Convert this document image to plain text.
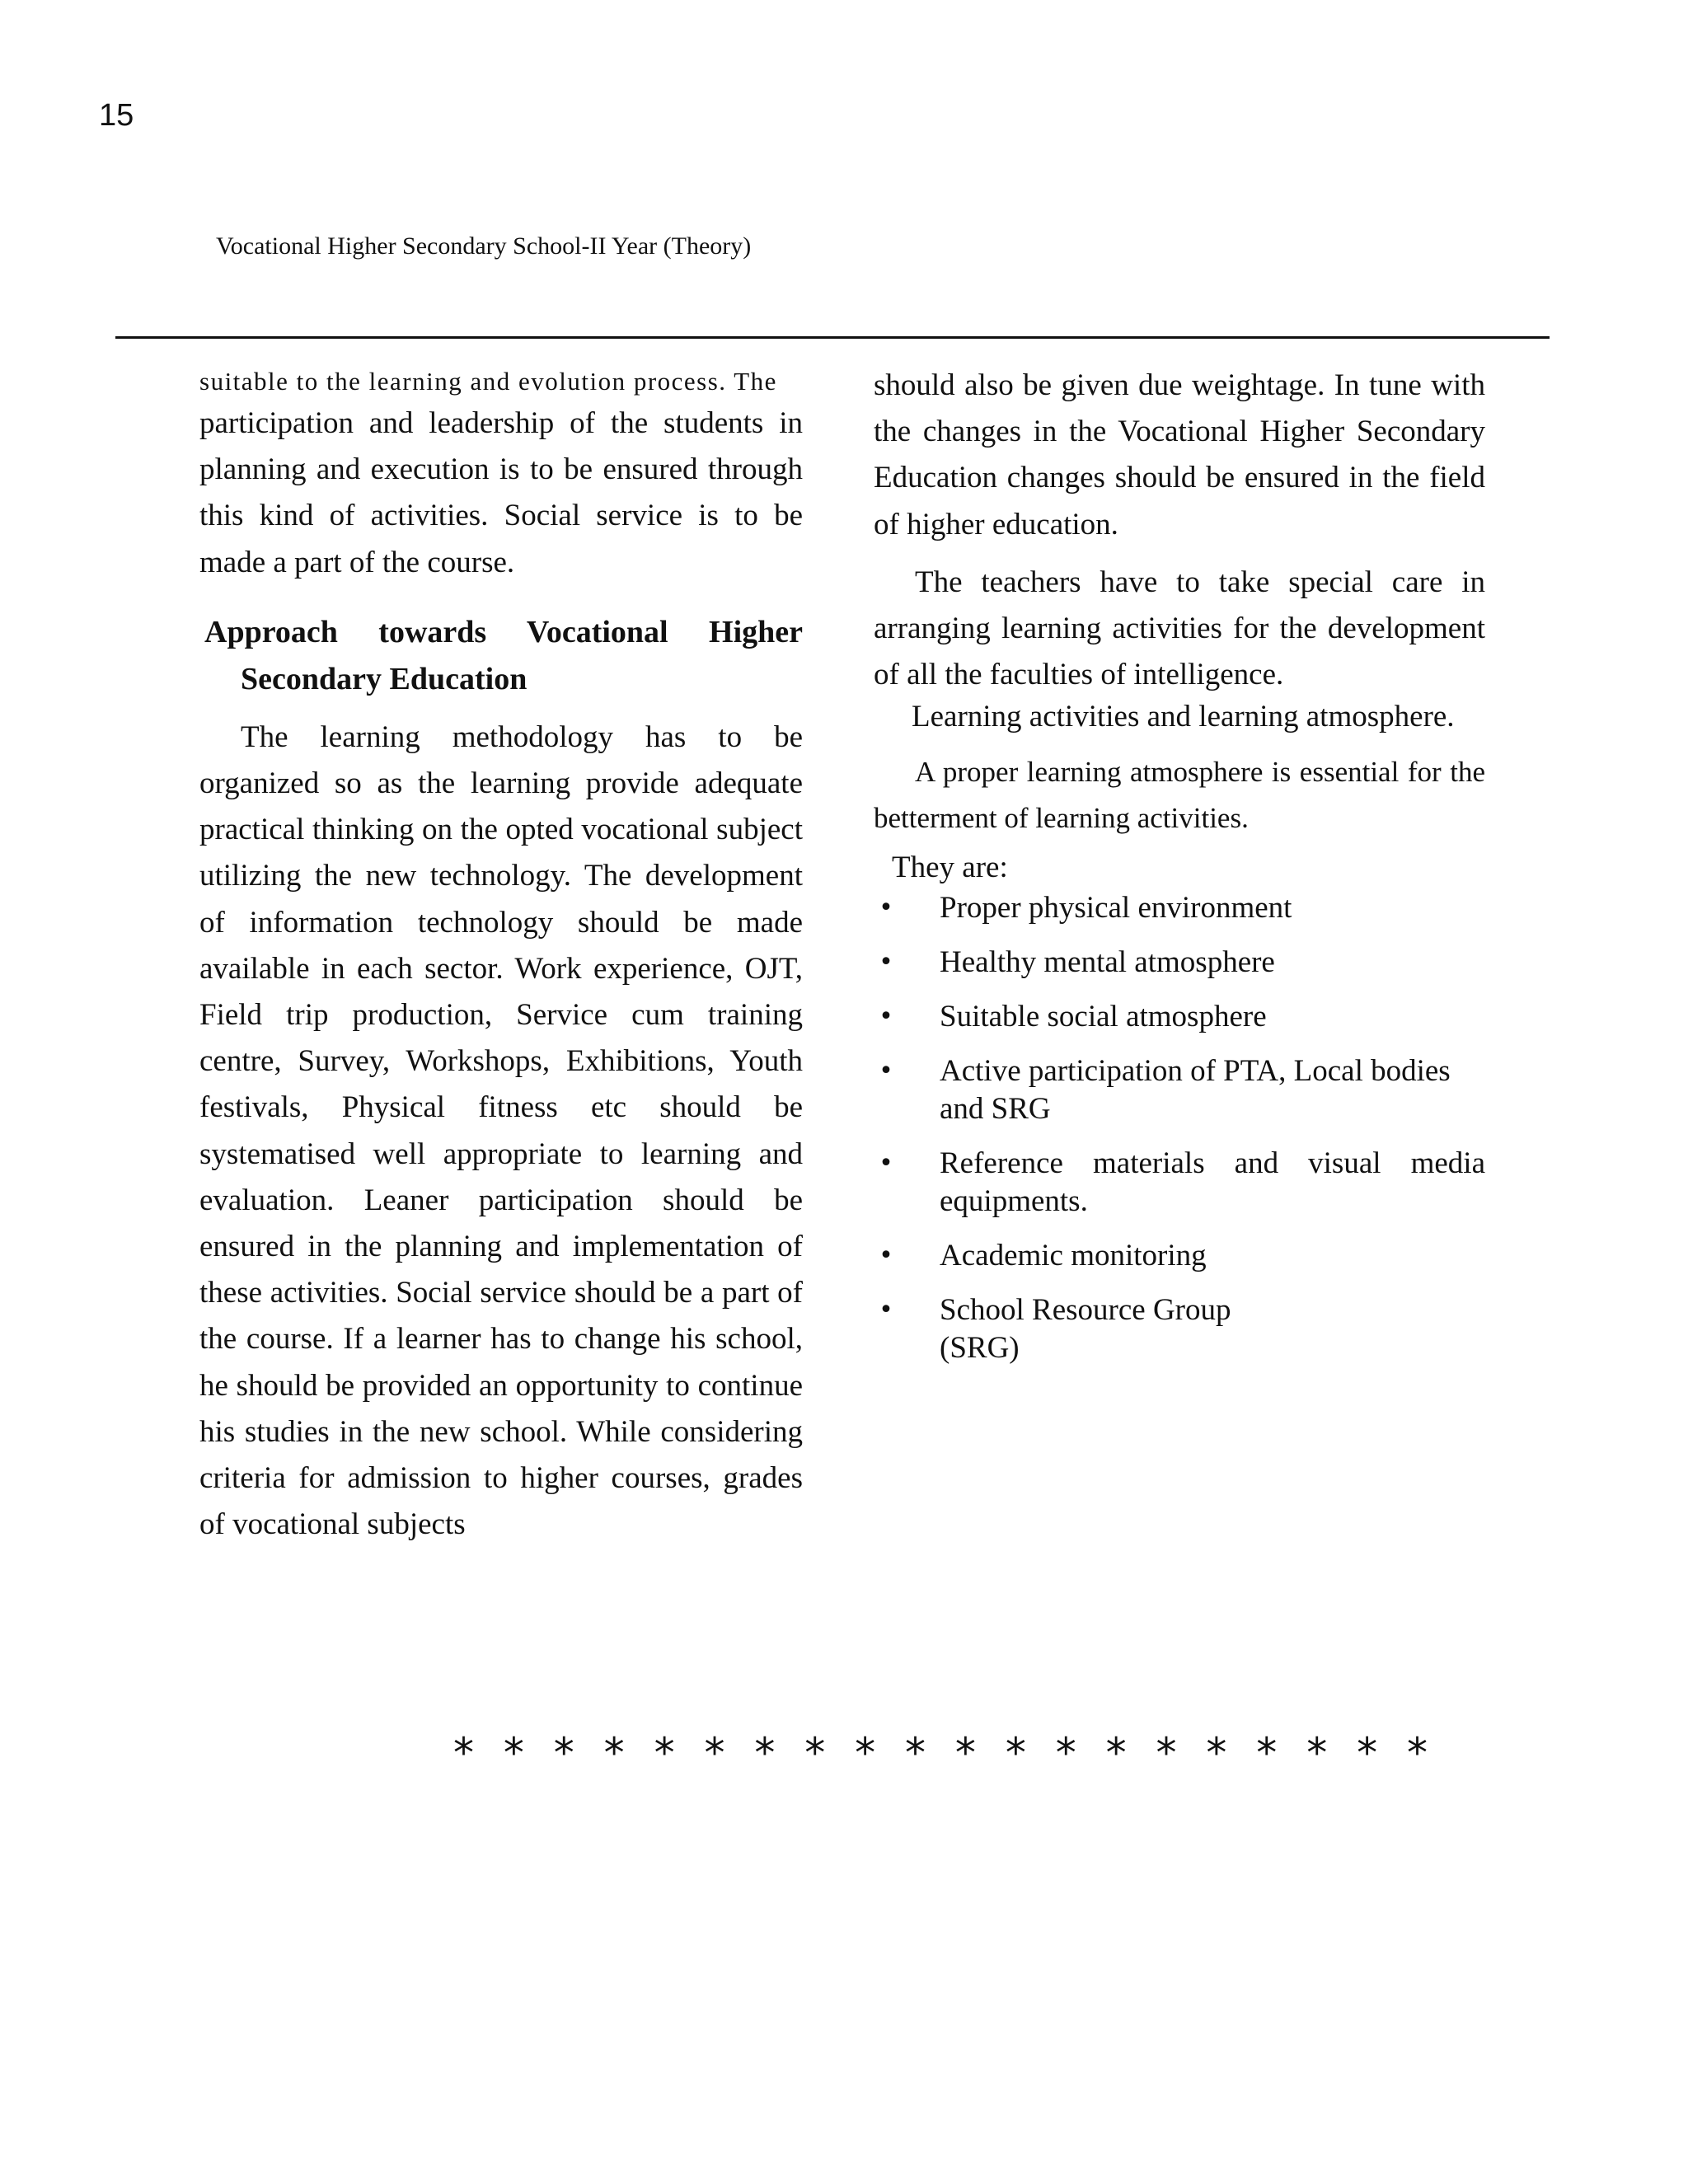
15
Vocational Higher Secondary School-II Year (Theory)

suitable to the learning and evolution process. The

participation and leadership of the students in planning and execution is to be ensured through this kind of activities. Social service is to be made a part of the course.

Approach towards Vocational Higher Secondary Education

The learning methodology has to be organized so as the learning provide adequate practical thinking on the opted vocational subject utilizing the new technology. The development of information technology should be made available in each sector. Work experience, OJT, Field trip production, Service cum training centre, Survey, Workshops, Exhibitions, Youth festivals, Physical fitness etc should be systematised well appropriate to learning and evaluation. Leaner participation should be ensured in the planning and implementation of these activities. Social service should be a part of the course. If a learner has to change his school, he should be provided an opportunity to continue his studies in the new school. While considering criteria for admission to higher courses, grades of vocational subjects

should also be given due weightage. In tune with the changes in the Vocational Higher Secondary Education changes should be ensured in the field of higher education.

The teachers have to take special care in arranging learning activities for the development of all the faculties of intelligence.

Learning activities and learning atmosphere.

A proper learning atmosphere is essential for the betterment of learning activities.

They are:

• Proper physical environment
• Healthy mental atmosphere
• Suitable social atmosphere
• Active participation of PTA, Local bodies and SRG
• Reference materials and visual media equipments.
• Academic monitoring
• School Resource Group (SRG)
* * * * * * * * * * * * * * * * * * * *
